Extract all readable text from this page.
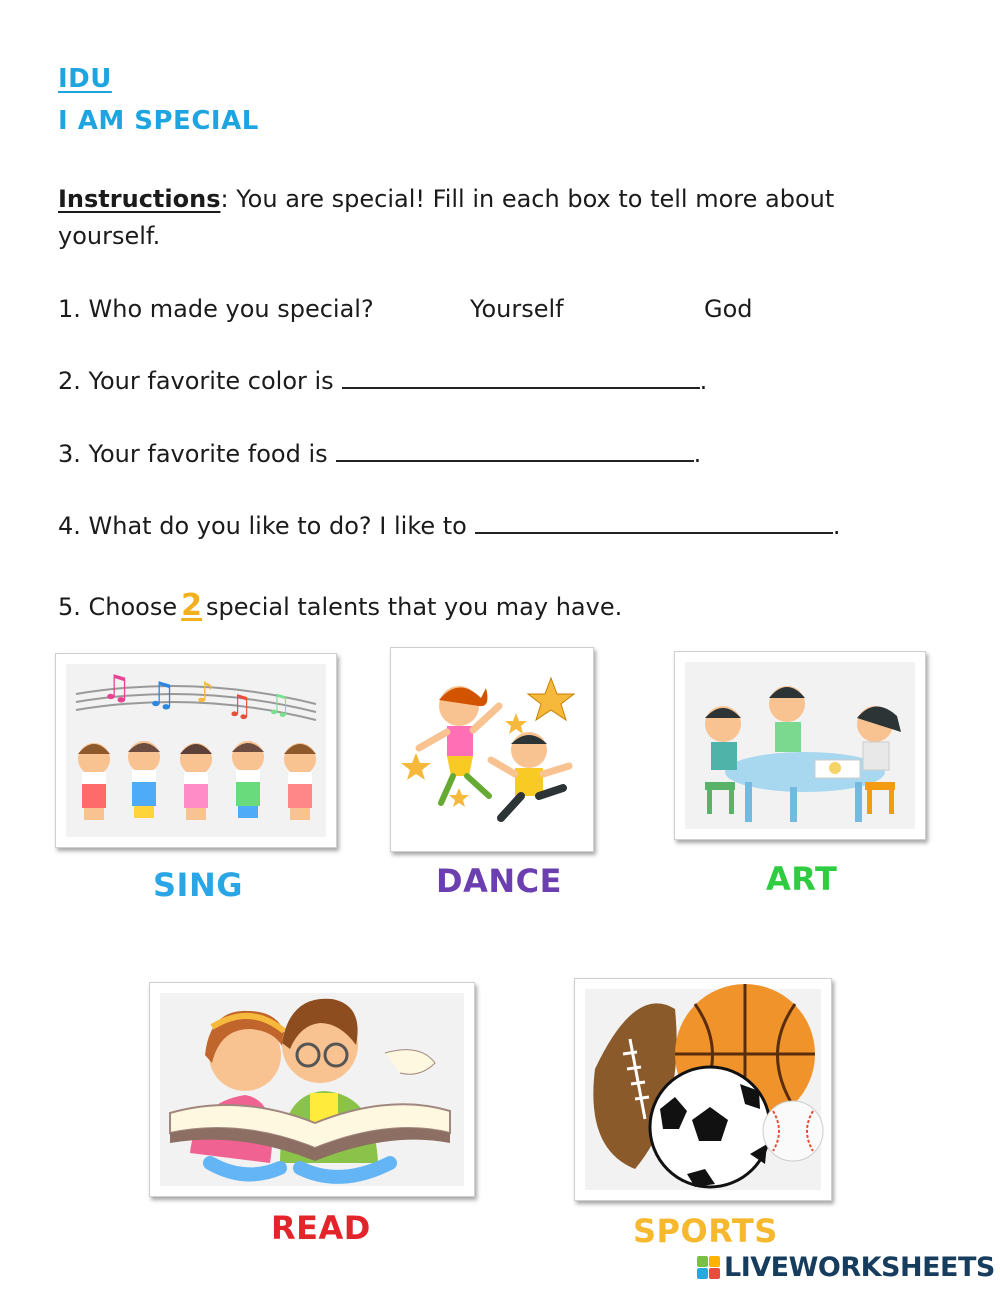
IDU
I AM SPECIAL
Instructions: You are special! Fill in each box to tell more about
yourself.
1. Who made you special?	Yourself	God
2. Your favorite color is	.
3. Your favorite food is	.
4. What do you like to do? I like to	.
5. Choose 2 special talents that you may have.
♫ ♫ ♪ ♫ ♫
SING	DANCE	ART
READ	SPORTS
LIVEWORKSHEETS
